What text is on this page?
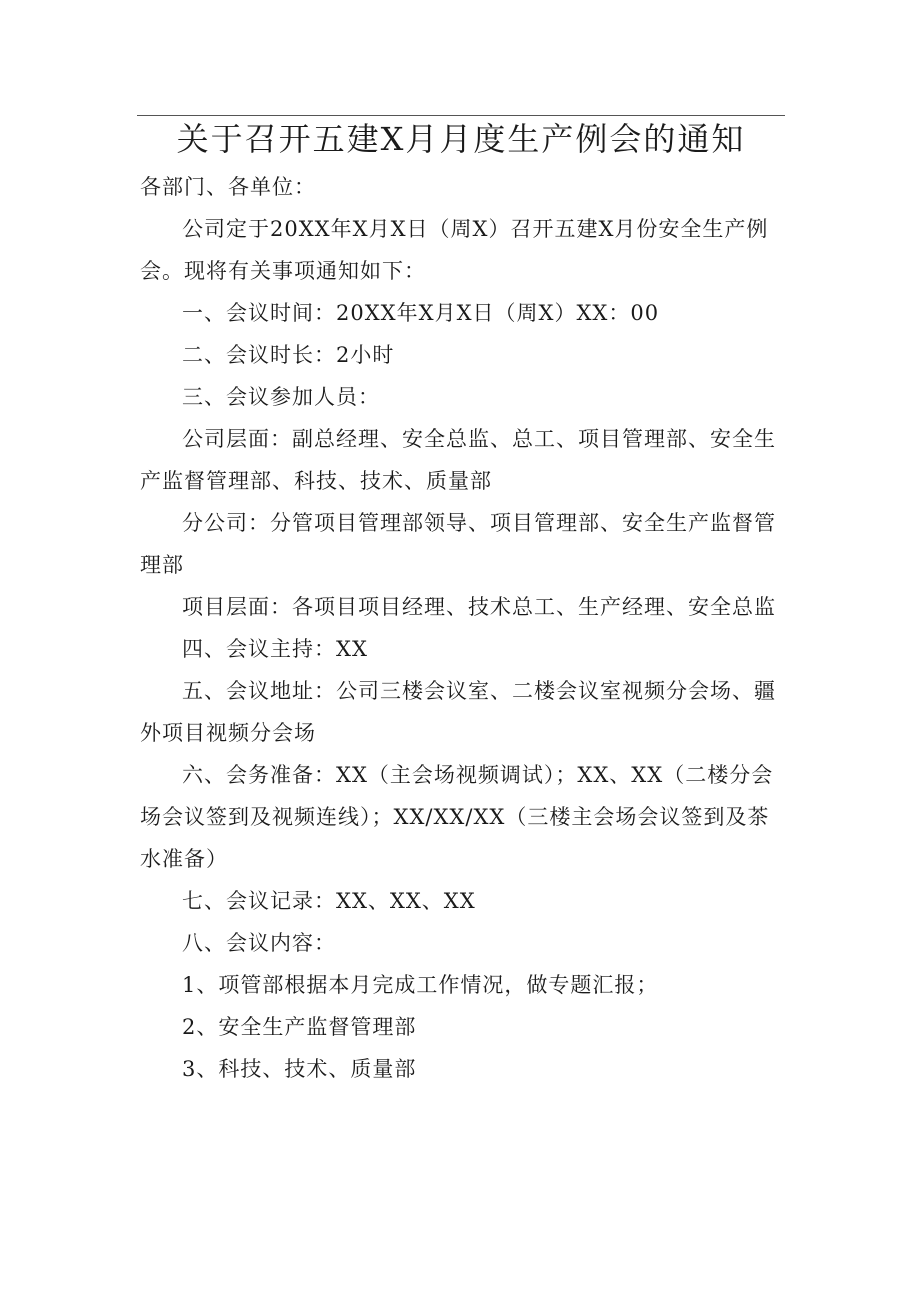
关于召开五建X月月度生产例会的通知

各部门、各单位：

公司定于20XX年X月X日（周X）召开五建X月份安全生产例会。现将有关事项通知如下：

一、会议时间：20XX年X月X日（周X）XX：00

二、会议时长：2小时

三、会议参加人员：

公司层面：副总经理、安全总监、总工、项目管理部、安全生产监督管理部、科技、技术、质量部

分公司：分管项目管理部领导、项目管理部、安全生产监督管理部

项目层面：各项目项目经理、技术总工、生产经理、安全总监

四、会议主持：XX

五、会议地址：公司三楼会议室、二楼会议室视频分会场、疆外项目视频分会场

六、会务准备：XX（主会场视频调试）；XX、XX（二楼分会场会议签到及视频连线）；XX/XX/XX（三楼主会场会议签到及茶水准备）

七、会议记录：XX、XX、XX

八、会议内容：

1、项管部根据本月完成工作情况，做专题汇报；

2、安全生产监督管理部

3、科技、技术、质量部
